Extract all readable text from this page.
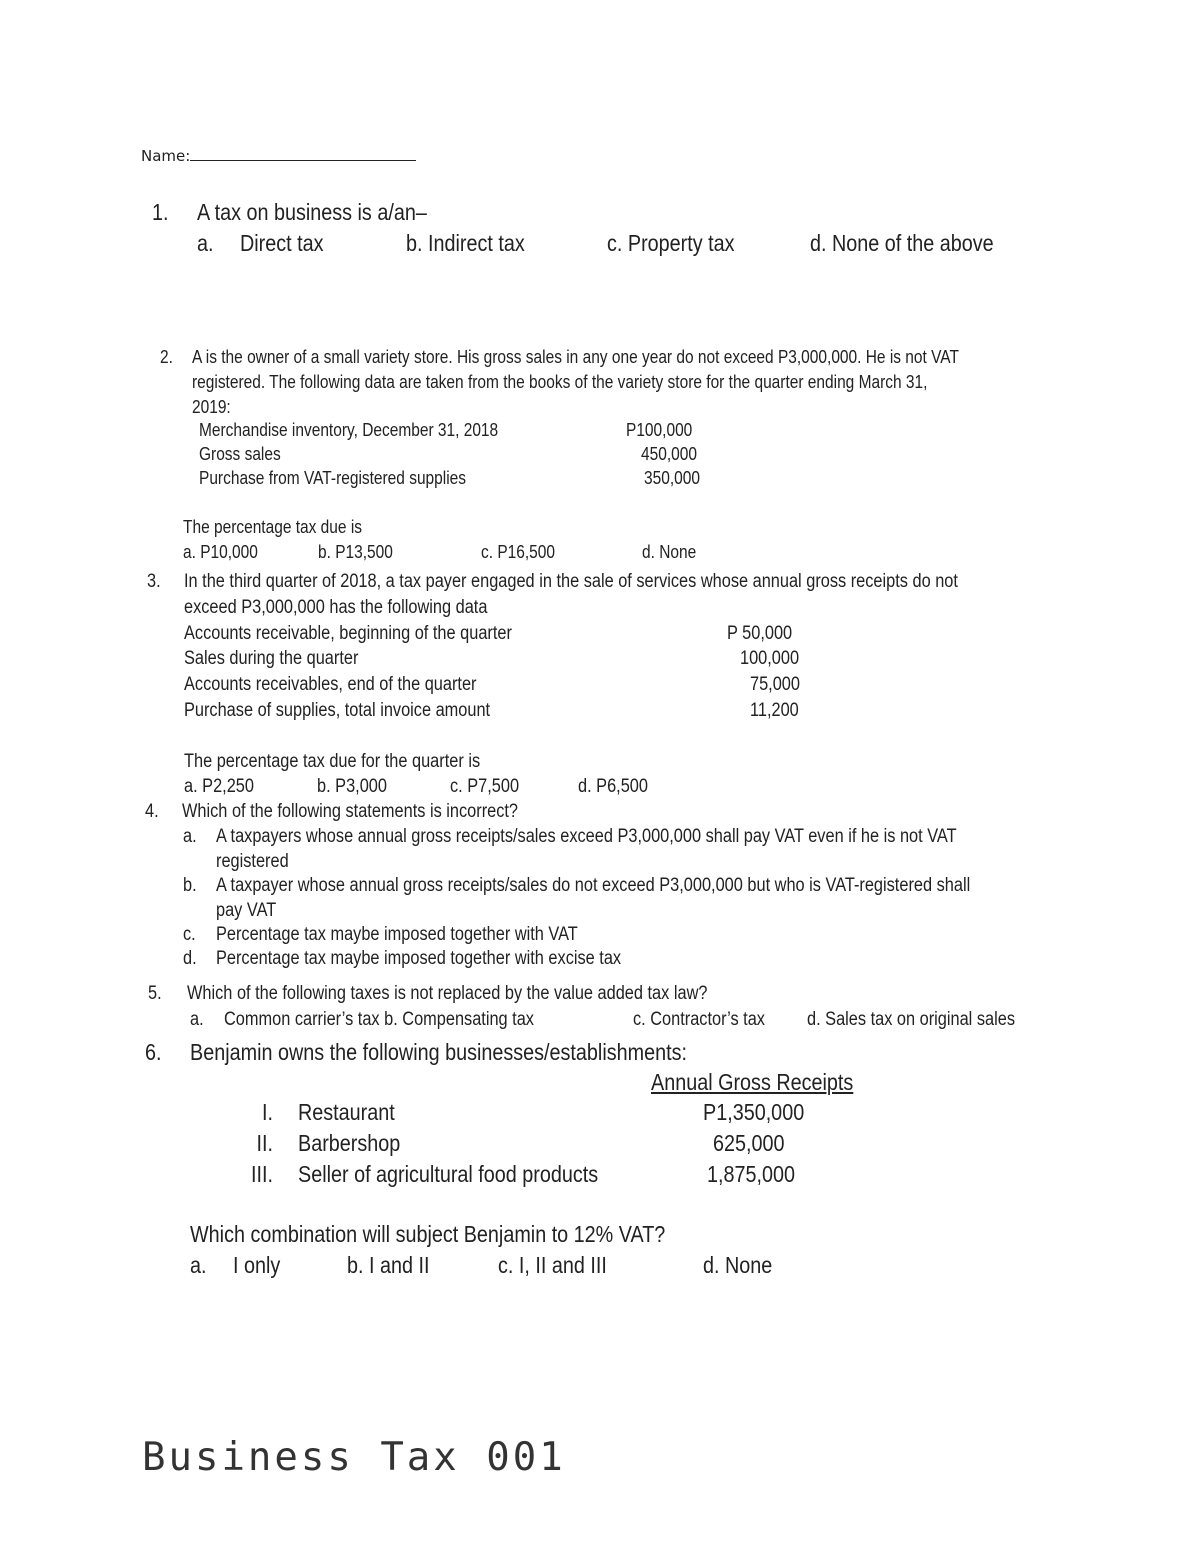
Name:
1. A tax on business is a/an–
a. Direct tax	b. Indirect tax	c. Property tax	d. None of the above
2. A is the owner of a small variety store. His gross sales in any one year do not exceed P3,000,000. He is not VAT
registered. The following data are taken from the books of the variety store for the quarter ending March 31,
2019:
Merchandise inventory, December 31, 2018	P100,000
Gross sales	450,000
Purchase from VAT-registered supplies	350,000
The percentage tax due is
a. P10,000	b. P13,500	c. P16,500	d. None
3. In the third quarter of 2018, a tax payer engaged in the sale of services whose annual gross receipts do not
exceed P3,000,000 has the following data
Accounts receivable, beginning of the quarter	P 50,000
Sales during the quarter	100,000
Accounts receivables, end of the quarter	75,000
Purchase of supplies, total invoice amount	11,200
The percentage tax due for the quarter is
a. P2,250	b. P3,000	c. P7,500	d. P6,500
4. Which of the following statements is incorrect?
a. A taxpayers whose annual gross receipts/sales exceed P3,000,000 shall pay VAT even if he is not VAT
registered
b. A taxpayer whose annual gross receipts/sales do not exceed P3,000,000 but who is VAT-registered shall
pay VAT
c. Percentage tax maybe imposed together with VAT
d. Percentage tax maybe imposed together with excise tax
5. Which of the following taxes is not replaced by the value added tax law?
a. Common carrier’s tax b. Compensating tax	c. Contractor’s tax d. Sales tax on original sales
6. Benjamin owns the following businesses/establishments:
Annual Gross Receipts
I. Restaurant	P1,350,000
II. Barbershop	625,000
III. Seller of agricultural food products	1,875,000
Which combination will subject Benjamin to 12% VAT?
a. I only	b. I and II	c. I, II and III	d. None
Business Tax 001
